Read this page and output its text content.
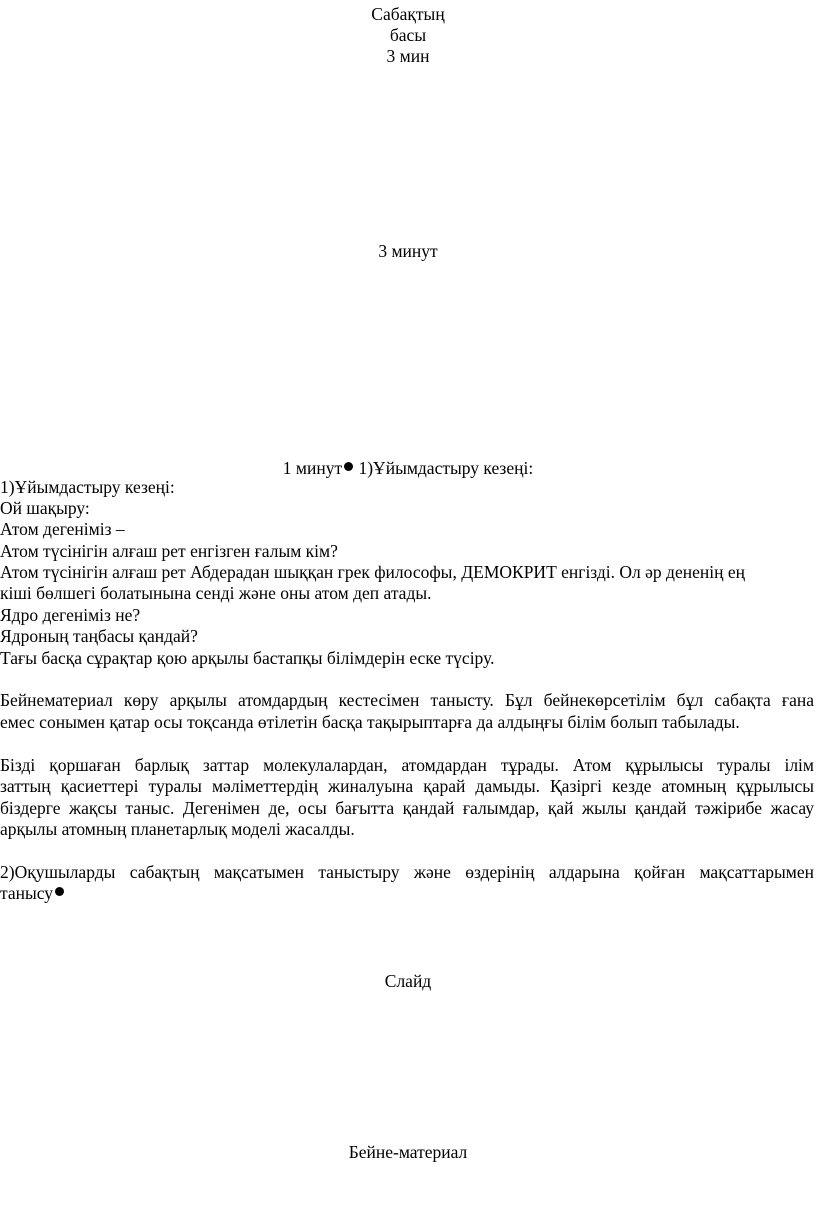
Сабақтың
басы
3 мин
3 минут
1 минут 1)Ұйымдастыру кезеңі:
1)Ұйымдастыру кезеңі:
Ой шақыру:
Атом дегеніміз –
Атом түсінігін алғаш рет енгізген ғалым кім?
Атом түсінігін алғаш рет Абдерадан шыққан грек философы, ДЕМОКРИТ енгізді. Ол әр дененің ең
кіші бөлшегі болатынына сенді және оны атом деп атады.
Ядро дегеніміз не?
Ядроның таңбасы қандай?
Тағы басқа сұрақтар қою арқылы бастапқы білімдерін еске түсіру.
Бейнематериал көру арқылы атомдардың кестесімен танысту. Бұл бейнекөрсетілім бұл сабақта ғана
емес сонымен қатар осы тоқсанда өтілетін басқа тақырыптарға да алдыңғы білім болып табылады.
Бізді қоршаған барлық заттар молекулалардан, атомдардан тұрады. Атом құрылысы туралы ілім
заттың қасиеттері туралы мәліметтердің жиналуына қарай дамыды. Қазіргі кезде атомның құрылысы
біздерге жақсы таныс. Дегенімен де, осы бағытта қандай ғалымдар, қай жылы қандай тәжірибе жасау
арқылы атомның планетарлық моделі жасалды.
2)Оқушыларды сабақтың мақсатымен таныстыру және өздерінің алдарына қойған мақсаттарымен
танысу
Слайд
Бейне-материал
